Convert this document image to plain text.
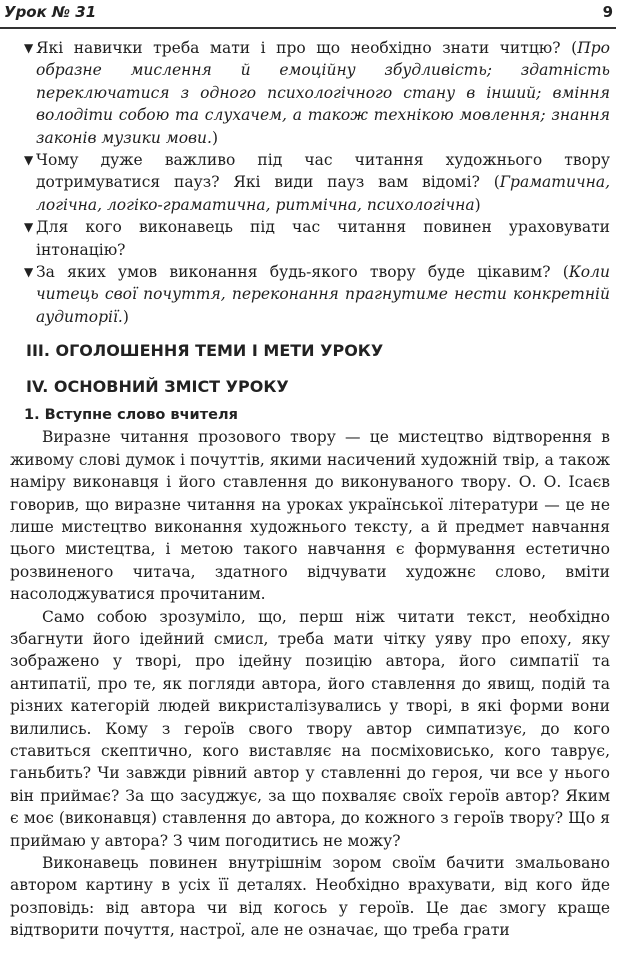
Урок № 31	9
▼ Які навички треба мати і про що необхідно знати читцю? (Про образне мислення й емоційну збудливість; здатність переключатися з одного психологічного стану в інший; вміння володіти собою та слухачем, а також технікою мовлення; знання законів музики мови.)
▼ Чому дуже важливо під час читання художнього твору дотримуватися пауз? Які види пауз вам відомі? (Граматична, логічна, логіко-граматична, ритмічна, психологічна)
▼ Для кого виконавець під час читання повинен ураховувати інтонацію?
▼ За яких умов виконання будь-якого твору буде цікавим? (Коли читець свої почуття, переконання прагнутиме нести конкретній аудиторії.)
III. ОГОЛОШЕННЯ ТЕМИ І МЕТИ УРОКУ
IV. ОСНОВНИЙ ЗМІСТ УРОКУ
1. Вступне слово вчителя

Виразне читання прозового твору — це мистецтво відтворення в живому слові думок і почуттів, якими насичений художній твір, а також наміру виконавця і його ставлення до виконуваного твору. О. О. Ісаєв говорив, що виразне читання на уроках української літератури — це не лише мистецтво виконання художнього тексту, а й предмет навчання цього мистецтва, і метою такого навчання є формування естетично розвиненого читача, здатного відчувати художнє слово, вміти насолоджуватися прочитаним.

Само собою зрозуміло, що, перш ніж читати текст, необхідно збагнути його ідейний смисл, треба мати чітку уяву про епоху, яку зображено у творі, про ідейну позицію автора, його симпатії та антипатії, про те, як погляди автора, його ставлення до явищ, подій та різних категорій людей викристалізувались у творі, в які форми вони вилились. Кому з героїв свого твору автор симпатизує, до кого ставиться скептично, кого виставляє на посміховисько, кого таврує, ганьбить? Чи завжди рівний автор у ставленні до героя, чи все у нього він приймає? За що засуджує, за що похваляє своїх героїв автор? Яким є моє (виконавця) ставлення до автора, до кожного з героїв твору? Що я приймаю у автора? З чим погодитись не можу?

Виконавець повинен внутрішнім зором своїм бачити змальовано автором картину в усіх її деталях. Необхідно врахувати, від кого йде розповідь: від автора чи від когось у героїв. Це дає змогу краще відтворити почуття, настрої, але не означає, що треба грати
